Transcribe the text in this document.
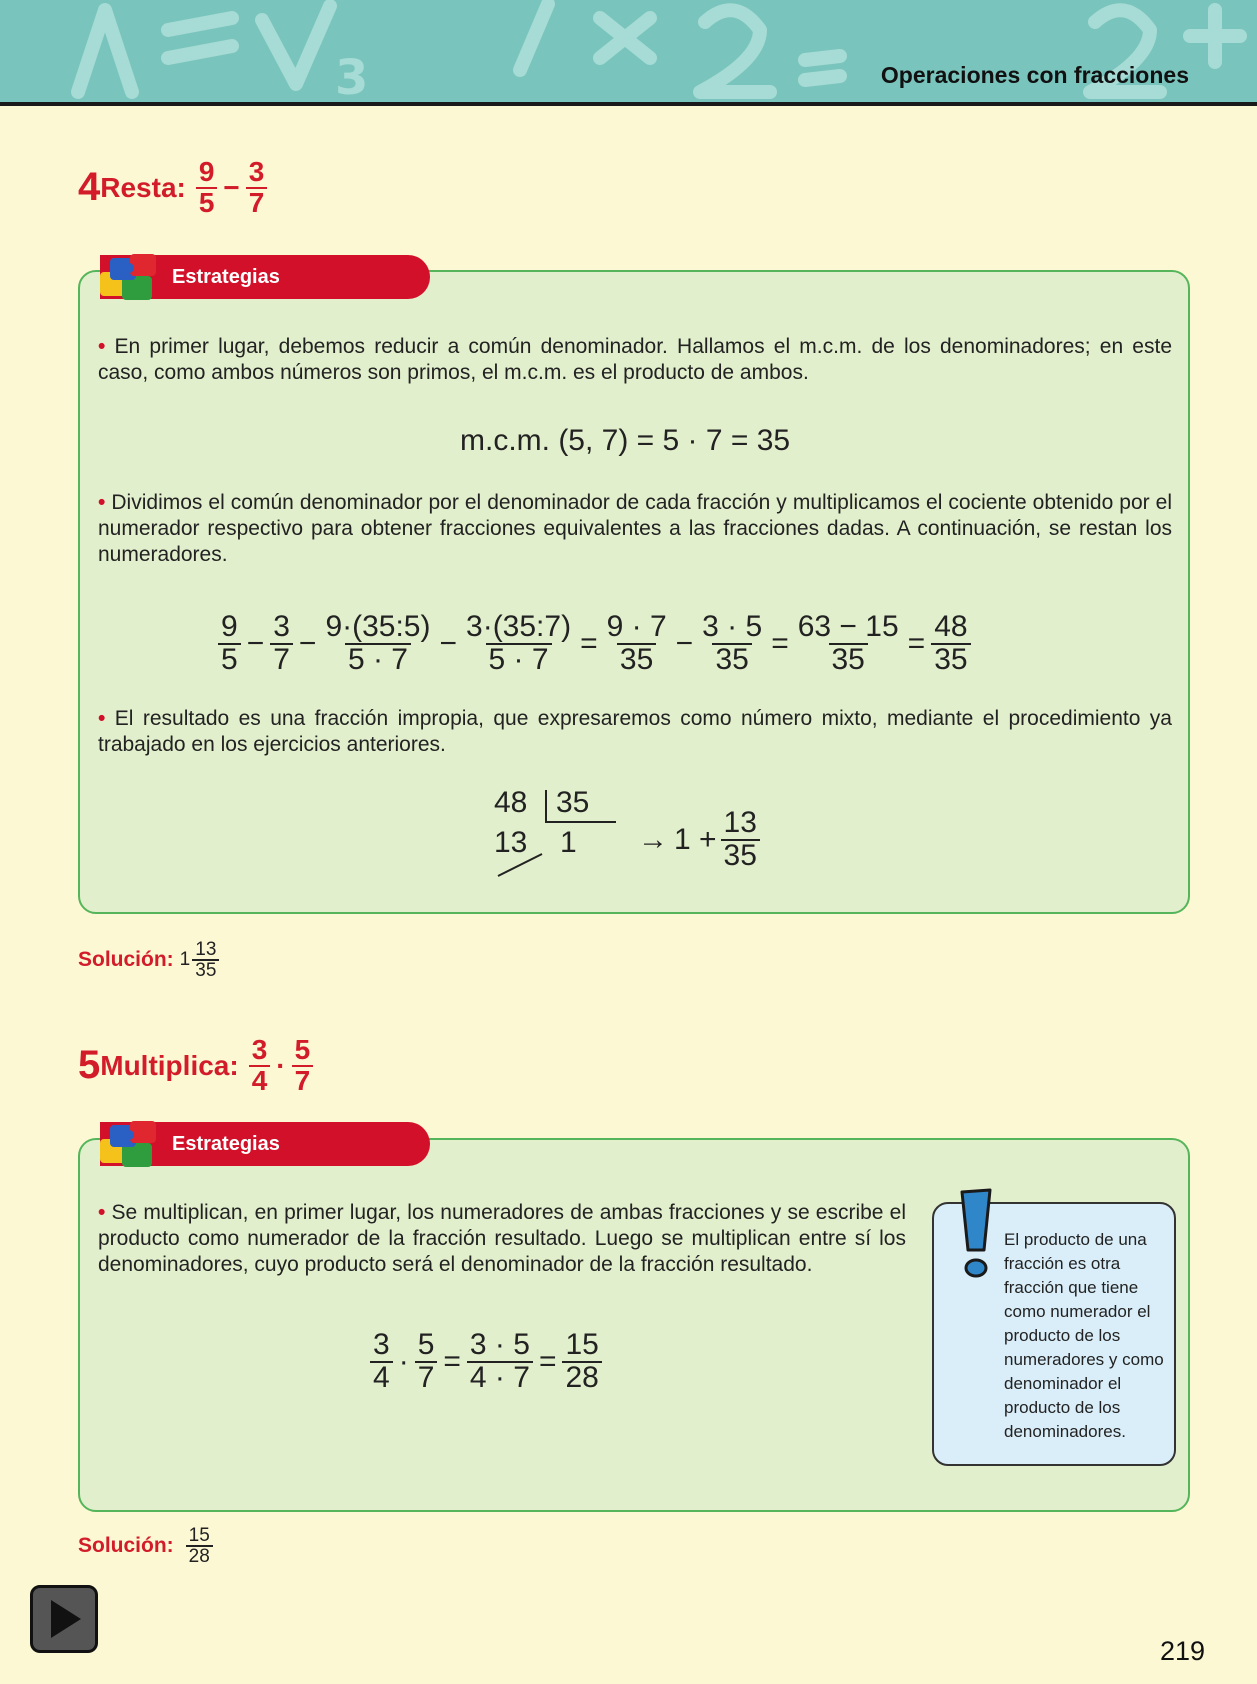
3	Operaciones con fracciones
4 Resta: $\frac{9}{5} - \frac{3}{7}$
Estrategias
• En primer lugar, debemos reducir a común denominador. Hallamos el m.c.m. de los denominadores; en este caso, como ambos números son primos, el m.c.m. es el producto de ambos.
m.c.m. (5, 7) = 5 · 7 = 35
• Dividimos el común denominador por el denominador de cada fracción y multiplicamos el cociente obtenido por el numerador respectivo para obtener fracciones equivalentes a las fracciones dadas. A continuación, se restan los numeradores.
$\frac{9}{5} - \frac{3}{7} - \frac{9\cdot(35:5)}{5 \cdot 7} - \frac{3\cdot(35:7)}{5 \cdot 7} = \frac{9 \cdot 7}{35} - \frac{3 \cdot 5}{35} = \frac{63 - 15}{35} = \frac{48}{35}$
• El resultado es una fracción impropia, que expresaremos como número mixto, mediante el procedimiento ya trabajado en los ejercicios anteriores.
48 35
13 $1 \to 1 + \frac{13}{35}$
Solución: $1 \frac{13}{35}$
5 Multiplica: $\frac{3}{4} \cdot \frac{5}{7}$
Estrategias
• Se multiplican, en primer lugar, los numeradores de ambas fracciones y se escribe el producto como numerador de la fracción resultado. Luego se multiplican entre sí los denominadores, cuyo producto será el denominador de la fracción resultado.
$\frac{3}{4} \cdot \frac{5}{7} = \frac{3 \cdot 5}{4 \cdot 7} = \frac{15}{28}$
El producto de una fracción es otra fracción que tiene como numerador el producto de los numeradores y como denominador el producto de los denominadores.
Solución: $\frac{15}{28}$
219
